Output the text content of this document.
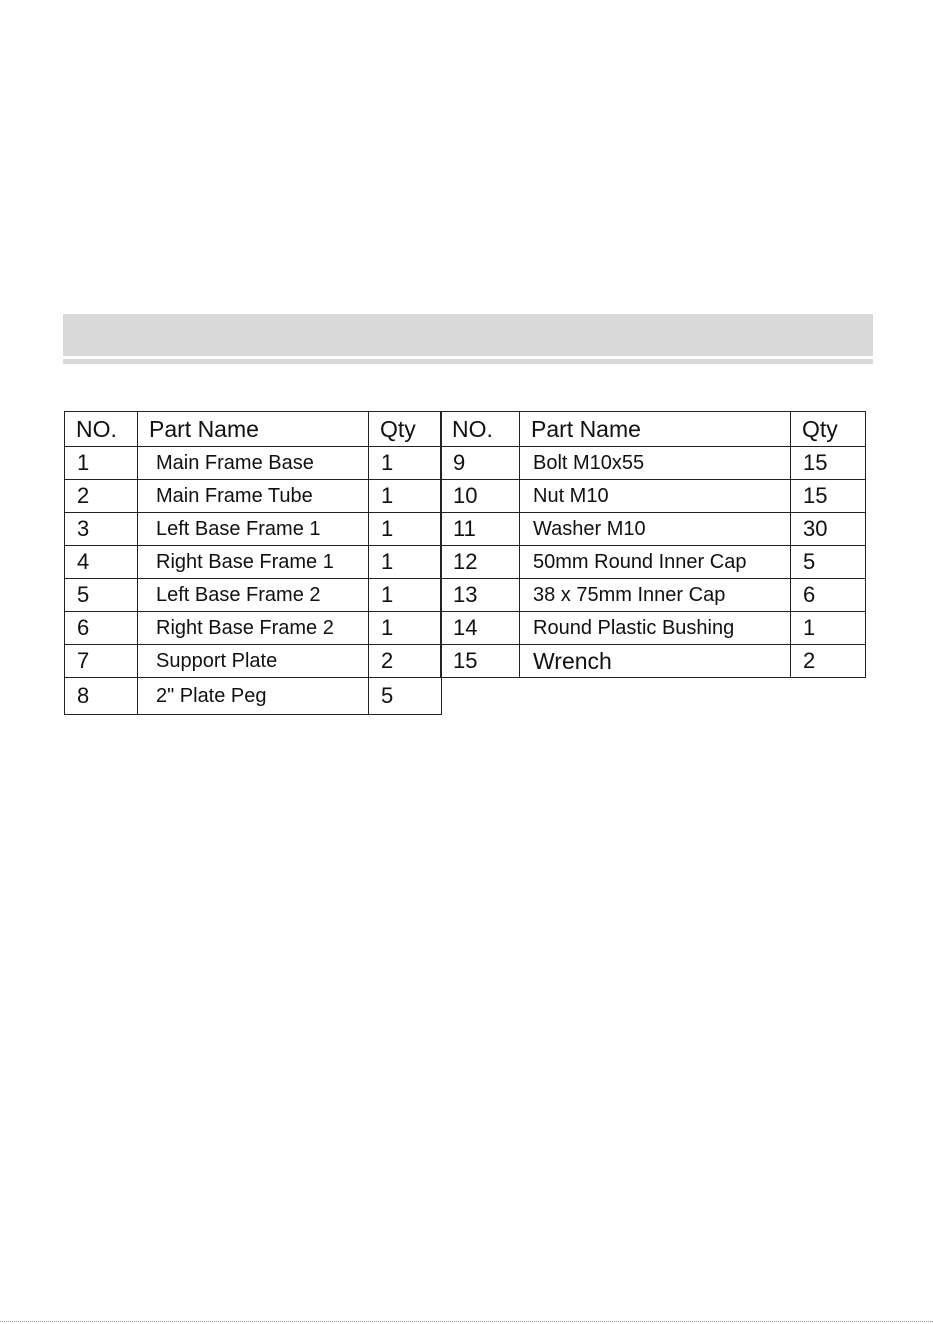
NO.	Part Name	Qty
1	Main Frame Base	1
2	Main Frame Tube	1
3	Left Base Frame 1	1
4	Right Base Frame 1	1
5	Left Base Frame 2	1
6	Right Base Frame 2	1
7	Support Plate	2
8	2" Plate Peg	5
NO.	Part Name	Qty
9	Bolt M10x55	15
10	Nut M10	15
11	Washer M10	30
12	50mm Round Inner Cap	5
13	38 x 75mm Inner Cap	6
14	Round Plastic Bushing	1
15	Wrench	2
